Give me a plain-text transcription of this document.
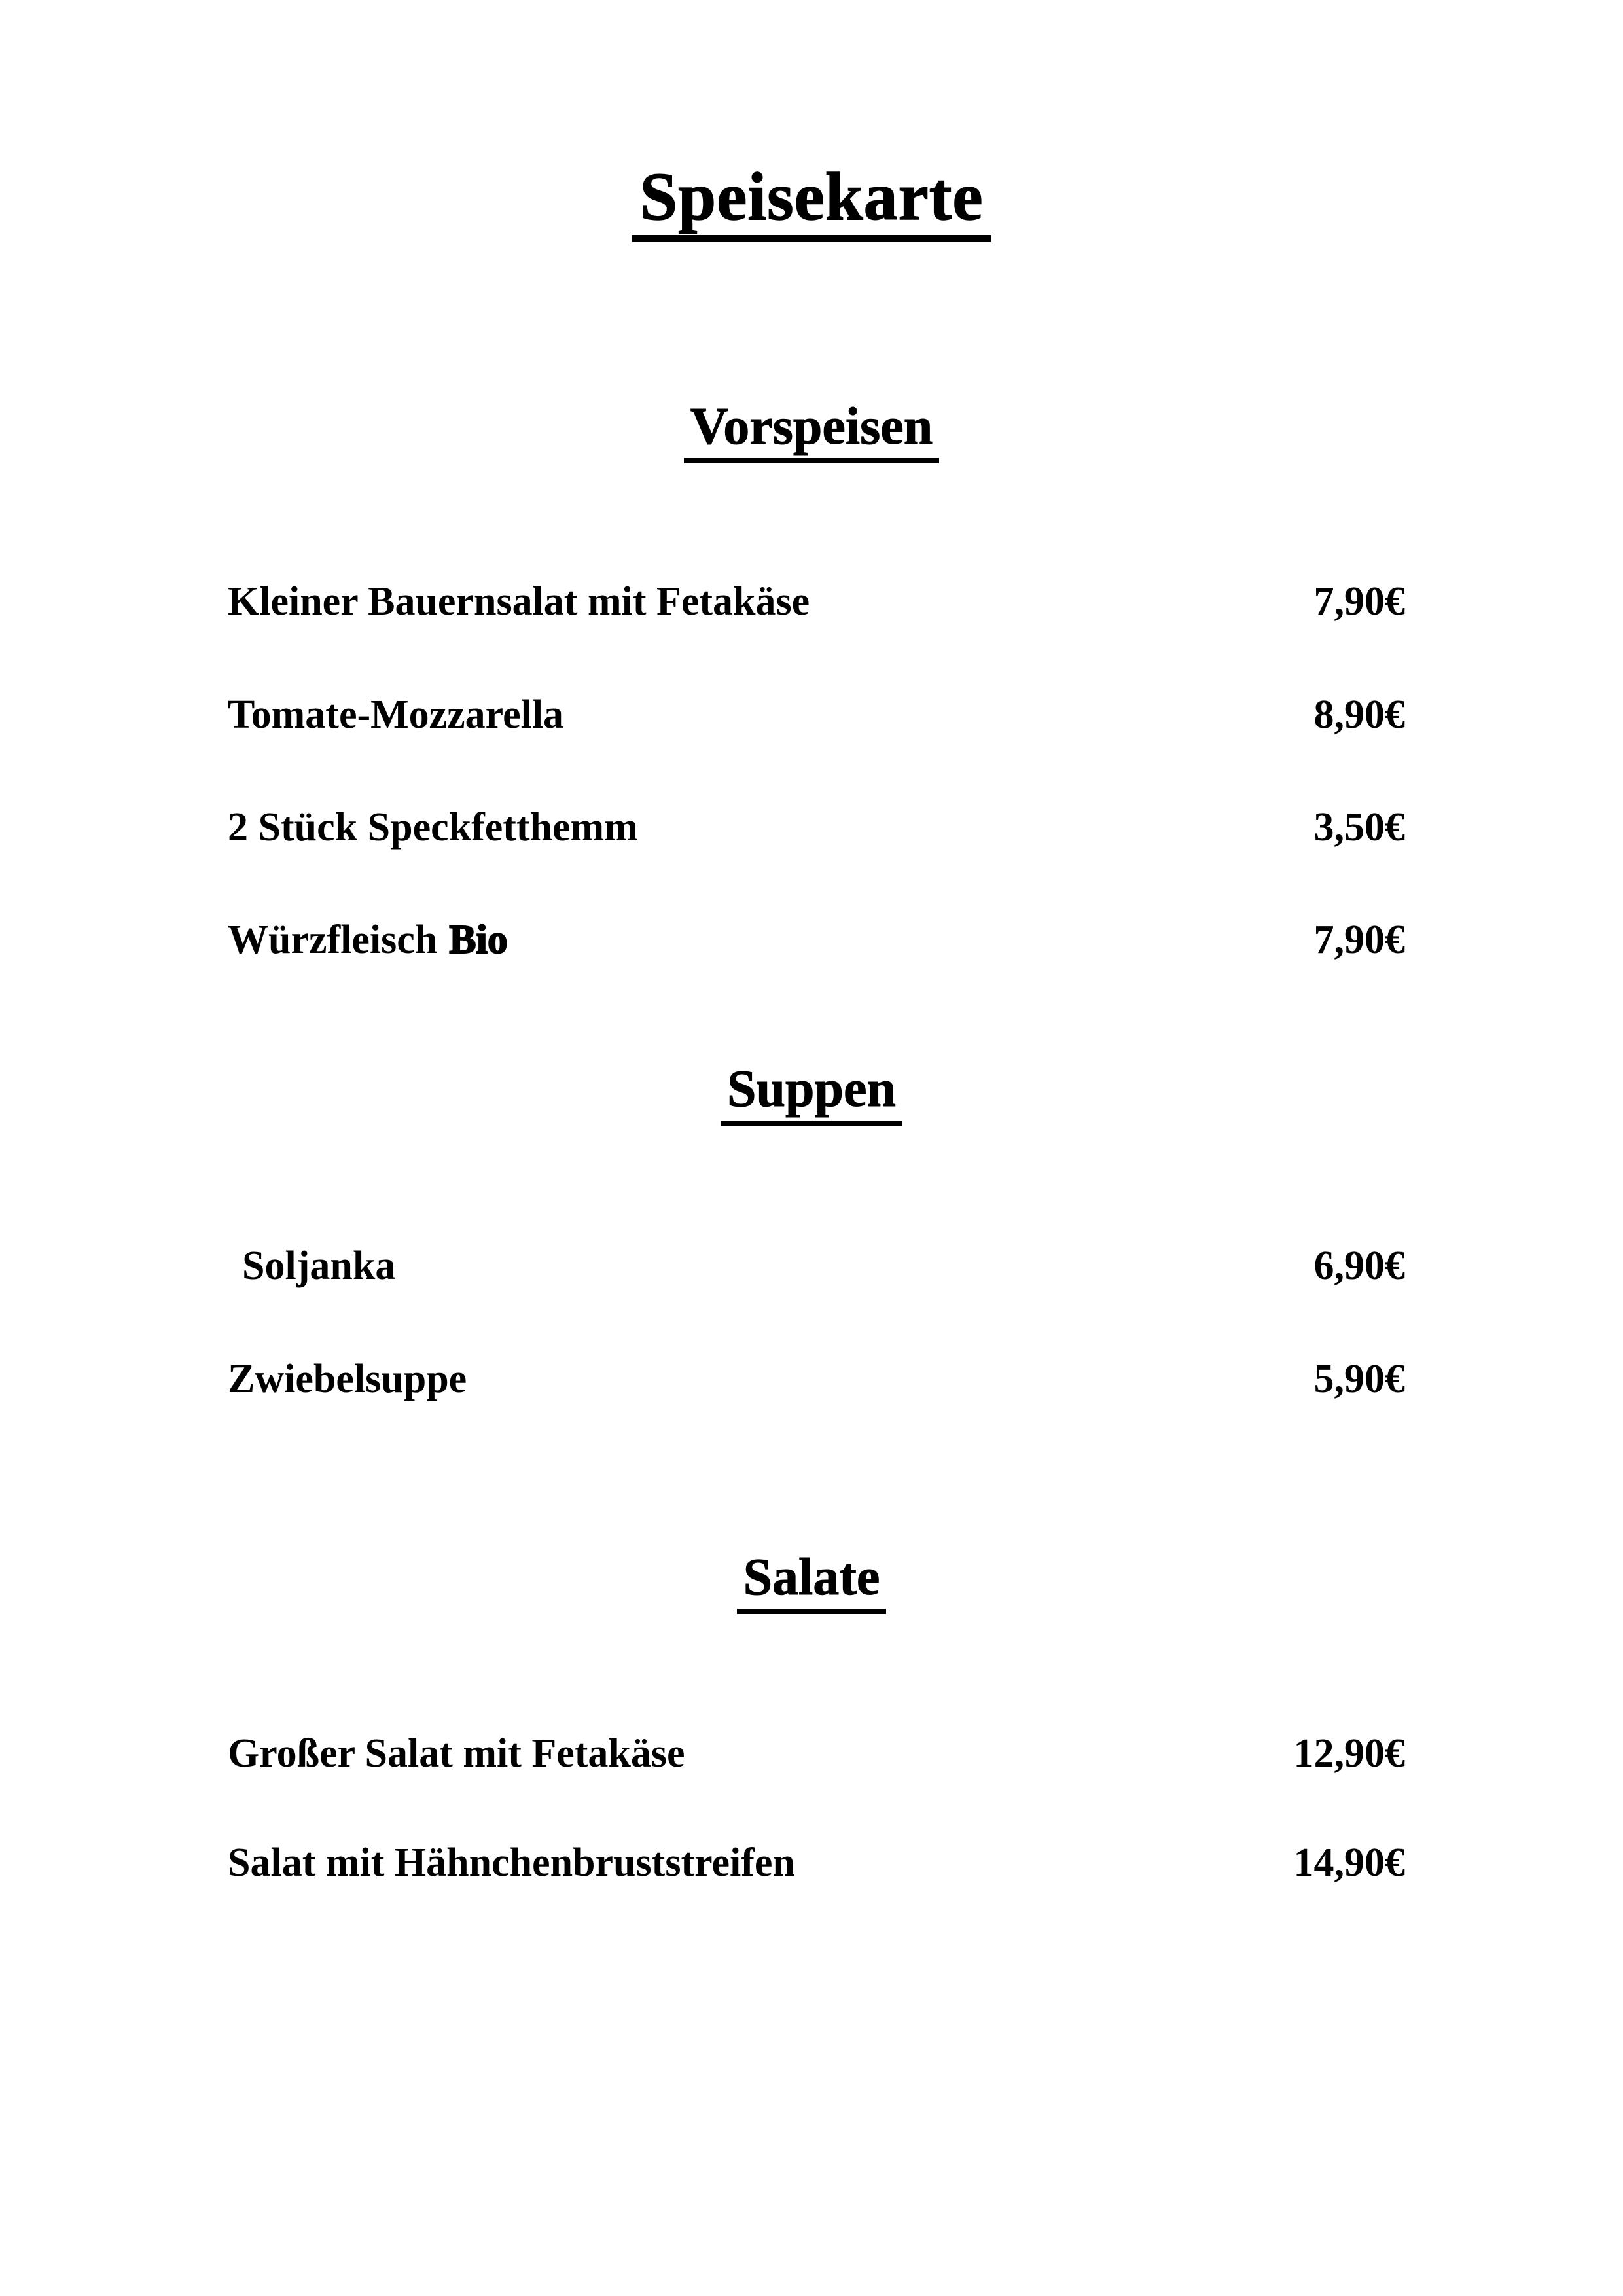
Speisekarte
Vorspeisen
Kleiner Bauernsalat mit Fetakäse	7,90€
Tomate-Mozzarella	8,90€
2 Stück Speckfetthemm	3,50€
Würzfleisch Bio	7,90€
Suppen
Soljanka	6,90€
Zwiebelsuppe	5,90€
Salate
Großer Salat mit Fetakäse	12,90€
Salat mit Hähnchenbruststreifen	14,90€
